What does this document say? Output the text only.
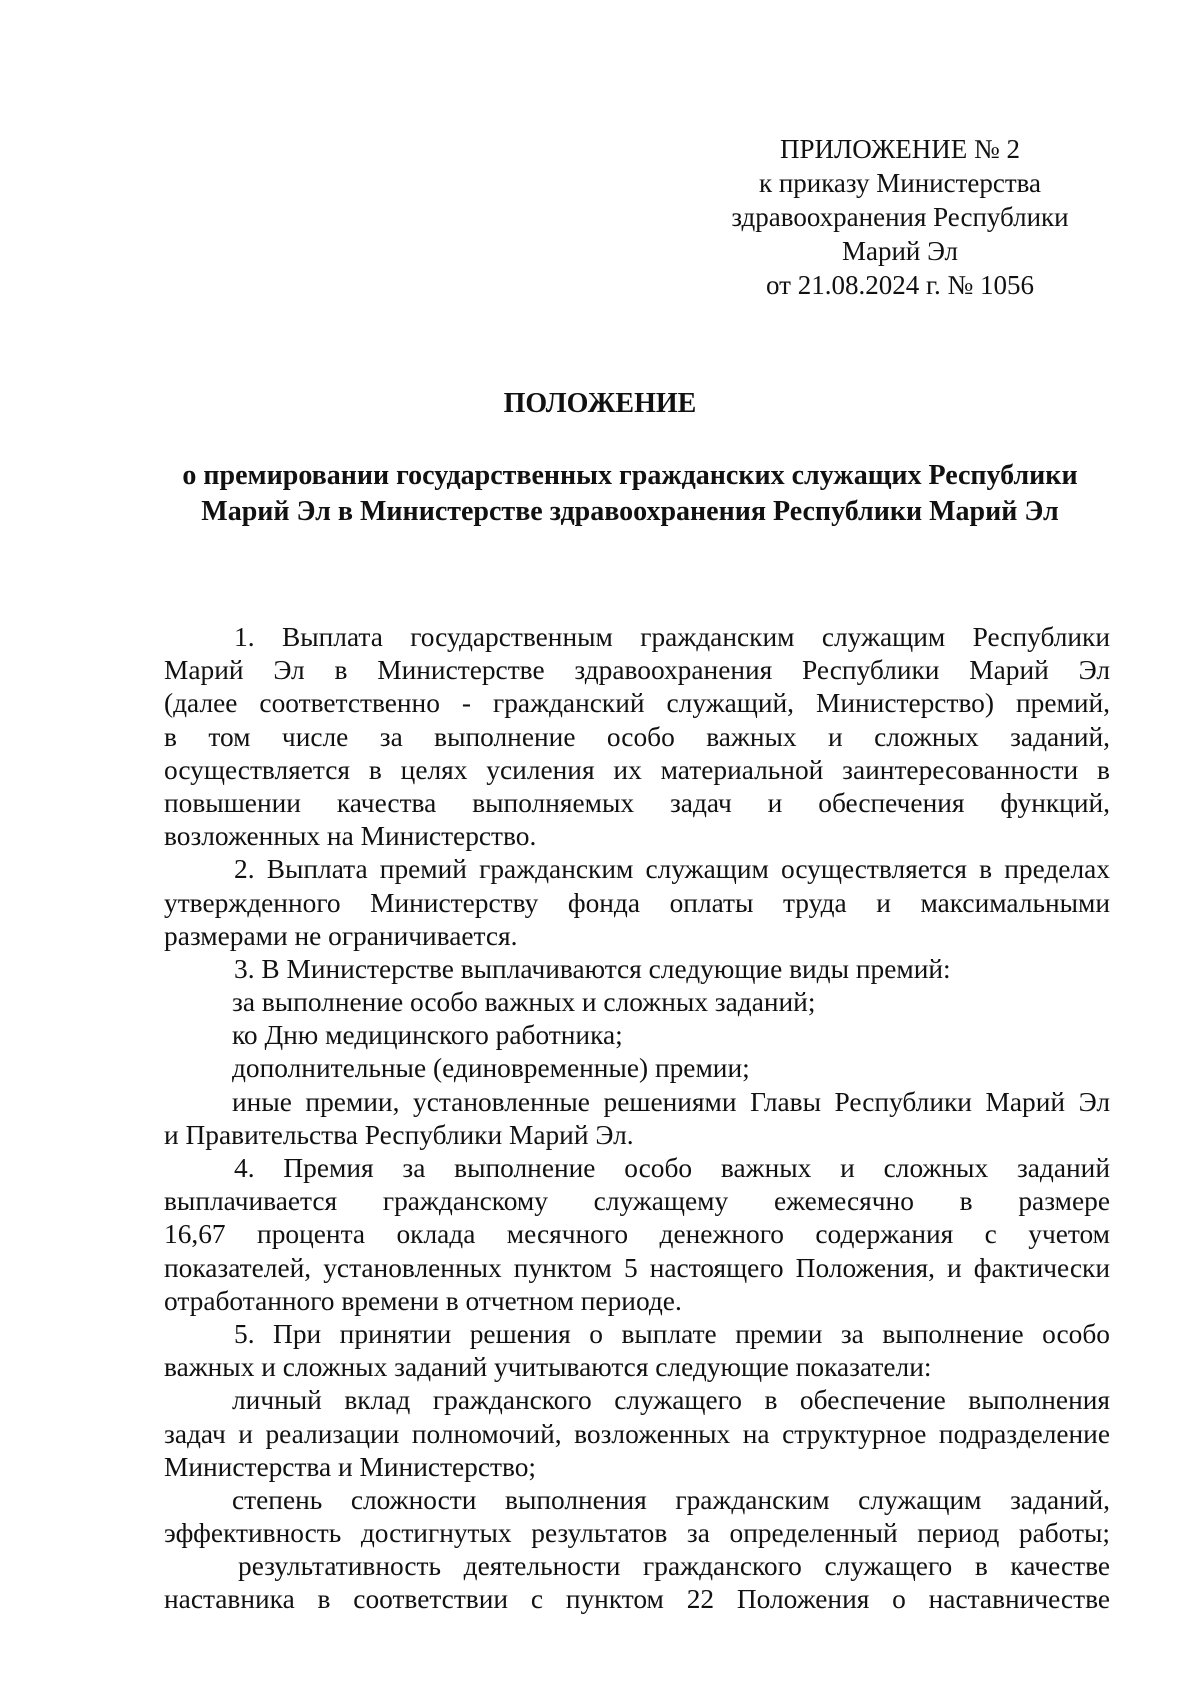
ПРИЛОЖЕНИЕ № 2
к приказу Министерства
здравоохранения Республики
Марий Эл
от 21.08.2024 г. № 1056
ПОЛОЖЕНИЕ
о премировании государственных гражданских служащих Республики
Марий Эл в Министерстве здравоохранения Республики Марий Эл
1. Выплата государственным гражданским служащим Республики
Марий Эл в Министерстве здравоохранения Республики Марий Эл
(далее соответственно - гражданский служащий, Министерство) премий,
в том числе за выполнение особо важных и сложных заданий,
осуществляется в целях усиления их материальной заинтересованности в
повышении качества выполняемых задач и обеспечения функций,
возложенных на Министерство.
2. Выплата премий гражданским служащим осуществляется в пределах
утвержденного Министерству фонда оплаты труда и максимальными
размерами не ограничивается.
3. В Министерстве выплачиваются следующие виды премий:
за выполнение особо важных и сложных заданий;
ко Дню медицинского работника;
дополнительные (единовременные) премии;
иные премии, установленные решениями Главы Республики Марий Эл
и Правительства Республики Марий Эл.
4. Премия за выполнение особо важных и сложных заданий
выплачивается гражданскому служащему ежемесячно в размере
16,67 процента оклада месячного денежного содержания с учетом
показателей, установленных пунктом 5 настоящего Положения, и фактически
отработанного времени в отчетном периоде.
5. При принятии решения о выплате премии за выполнение особо
важных и сложных заданий учитываются следующие показатели:
личный вклад гражданского служащего в обеспечение выполнения
задач и реализации полномочий, возложенных на структурное подразделение
Министерства и Министерство;
степень сложности выполнения гражданским служащим заданий,
эффективность достигнутых результатов за определенный период работы;
результативность деятельности гражданского служащего в качестве
наставника в соответствии с пунктом 22 Положения о наставничестве
